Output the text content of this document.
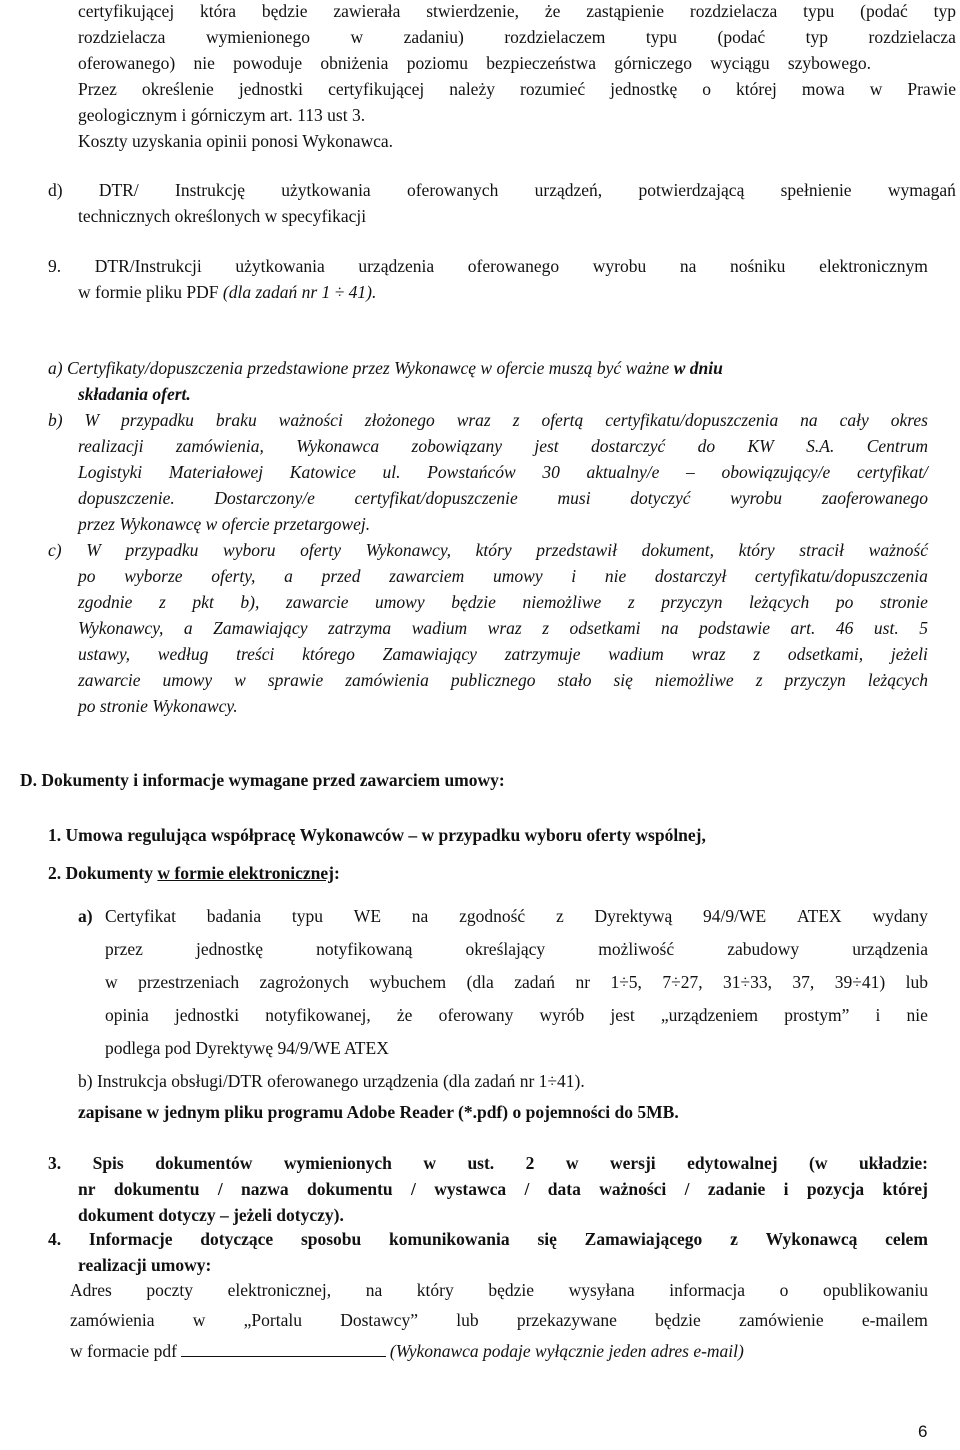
certyfikującej która będzie zawierała stwierdzenie, że zastąpienie rozdzielacza typu (podać typ
rozdzielacza wymienionego w zadaniu) rozdzielaczem typu (podać typ rozdzielacza
oferowanego) nie powoduje obniżenia poziomu bezpieczeństwa górniczego wyciągu szybowego.
Przez określenie jednostki certyfikującej należy rozumieć jednostkę o której mowa w Prawie
geologicznym i górniczym art. 113 ust 3.
Koszty uzyskania opinii ponosi Wykonawca.
d) DTR/ Instrukcję użytkowania oferowanych urządzeń, potwierdzającą spełnienie wymagań
technicznych określonych w specyfikacji
9. DTR/Instrukcji użytkowania urządzenia oferowanego wyrobu na nośniku elektronicznym
w formie pliku PDF (dla zadań nr 1 ÷ 41).
a) Certyfikaty/dopuszczenia przedstawione przez Wykonawcę w ofercie muszą być ważne w dniu
składania ofert.
b) W przypadku braku ważności złożonego wraz z ofertą certyfikatu/dopuszczenia na cały okres
realizacji zamówienia, Wykonawca zobowiązany jest dostarczyć do KW S.A. Centrum
Logistyki Materiałowej Katowice ul. Powstańców 30 aktualny/e – obowiązujący/e certyfikat/
dopuszczenie. Dostarczony/e certyfikat/dopuszczenie musi dotyczyć wyrobu zaoferowanego
przez Wykonawcę w ofercie przetargowej.
c) W przypadku wyboru oferty Wykonawcy, który przedstawił dokument, który stracił ważność
po wyborze oferty, a przed zawarciem umowy i nie dostarczył certyfikatu/dopuszczenia
zgodnie z pkt b), zawarcie umowy będzie niemożliwe z przyczyn leżących po stronie
Wykonawcy, a Zamawiający zatrzyma wadium wraz z odsetkami na podstawie art. 46 ust. 5
ustawy, według treści którego Zamawiający zatrzymuje wadium wraz z odsetkami, jeżeli
zawarcie umowy w sprawie zamówienia publicznego stało się niemożliwe z przyczyn leżących
po stronie Wykonawcy.
D. Dokumenty i informacje wymagane przed zawarciem umowy:
1. Umowa regulująca współpracę Wykonawców – w przypadku wyboru oferty wspólnej,
2. Dokumenty w formie elektronicznej:
a) Certyfikat badania typu WE na zgodność z Dyrektywą 94/9/WE ATEX wydany
przez	jednostkę	notyfikowaną	określający	możliwość	zabudowy	urządzenia
w przestrzeniach zagrożonych wybuchem (dla zadań nr 1÷5, 7÷27, 31÷33, 37, 39÷41) lub
opinia jednostki notyfikowanej, że oferowany wyrób jest „urządzeniem prostym” i nie
podlega pod Dyrektywę 94/9/WE ATEX
b) Instrukcja obsługi/DTR oferowanego urządzenia (dla zadań nr 1÷41).
zapisane w jednym pliku programu Adobe Reader (*.pdf) o pojemności do 5MB.
3. Spis dokumentów wymienionych w ust. 2 w wersji edytowalnej (w układzie:
nr dokumentu / nazwa dokumentu / wystawca / data ważności / zadanie i pozycja której
dokument dotyczy – jeżeli dotyczy).
4. Informacje dotyczące sposobu komunikowania się Zamawiającego z Wykonawcą celem
realizacji umowy:
Adres poczty elektronicznej, na który będzie wysyłana informacja o opublikowaniu
zamówienia w „Portalu Dostawcy” lub przekazywane będzie zamówienie e-mailem
w formacie pdf	(Wykonawca podaje wyłącznie jeden adres e-mail)
6
